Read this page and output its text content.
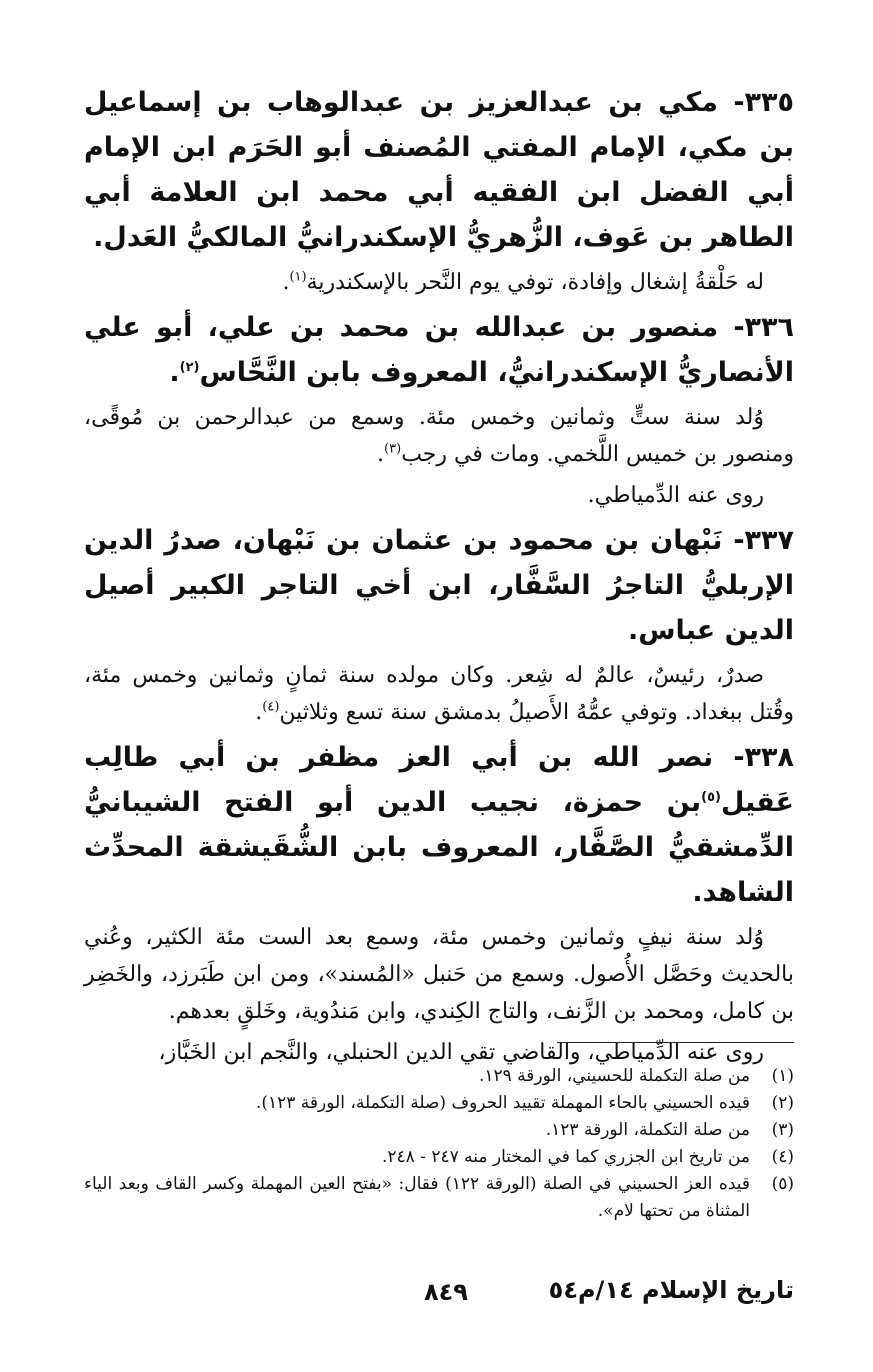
٣٣٥- مكي بن عبدالعزيز بن عبدالوهاب بن إسماعيل بن مكي، الإمام المفتي المُصنف أبو الحَرَم ابن الإمام أبي الفضل ابن الفقيه أبي محمد ابن العلامة أبي الطاهر بن عَوف، الزُّهريُّ الإسكندرانيُّ المالكيُّ العَدل.

له حَلْقةُ إشغال وإفادة، توفي يوم النَّحر بالإسكندرية$^{(١)}$.

٣٣٦- منصور بن عبدالله بن محمد بن علي، أبو علي الأنصاريُّ الإسكندرانيُّ، المعروف بابن النَّحَّاس$^{(٢)}$.

وُلد سنة ستٍّ وثمانين وخمس مئة. وسمع من عبدالرحمن بن مُوقًى، ومنصور بن خميس اللَّخمي. ومات في رجب$^{(٣)}$.

روى عنه الدِّمياطي.

٣٣٧- نَبْهان بن محمود بن عثمان بن نَبْهان، صدرُ الدين الإربليُّ التاجرُ السَّفَّار، ابن أخي التاجر الكبير أصيل الدين عباس.

صدرٌ، رئيسٌ، عالمٌ له شِعر. وكان مولده سنة ثمانٍ وثمانين وخمس مئة، وقُتل ببغداد. وتوفي عمُّهُ الأَصيلُ بدمشق سنة تسع وثلاثين$^{(٤)}$.

٣٣٨- نصر الله بن أبي العز مظفر بن أبي طالِب عَقيل$^{(٥)}$بن حمزة، نجيب الدين أبو الفتح الشيبانيُّ الدِّمشقيُّ الصَّفَّار، المعروف بابن الشُّقَيشقة المحدِّث الشاهد.

وُلد سنة نيفٍ وثمانين وخمس مئة، وسمع بعد الست مئة الكثير، وعُني بالحديث وحَصَّل الأُصول. وسمع من حَنبل «المُسند»، ومن ابن طَبَرزد، والخَضِر بن كامل، ومحمد بن الزَّنف، والتاج الكِندي، وابن مَندُوية، وخَلقٍ بعدهم.

روى عنه الدِّمياطي، والقاضي تقي الدين الحنبلي، والنَّجم ابن الخَبَّاز،

(١)
من صلة التكملة للحسيني، الورقة ١٢٩.
(٢)
قيده الحسيني بالحاء المهملة تقييد الحروف (صلة التكملة، الورقة ١٢٣).
(٣)
من صلة التكملة، الورقة ١٢٣.
(٤)
من تاريخ ابن الجزري كما في المختار منه ٢٤٧ - ٢٤٨.
(٥)
قيده العز الحسيني في الصلة (الورقة ١٢٢) فقال: «بفتح العين المهملة وكسر القاف وبعد الياء المثناة من تحتها لام».
تاريخ الإسلام ١٤/م٥٤
٨٤٩
